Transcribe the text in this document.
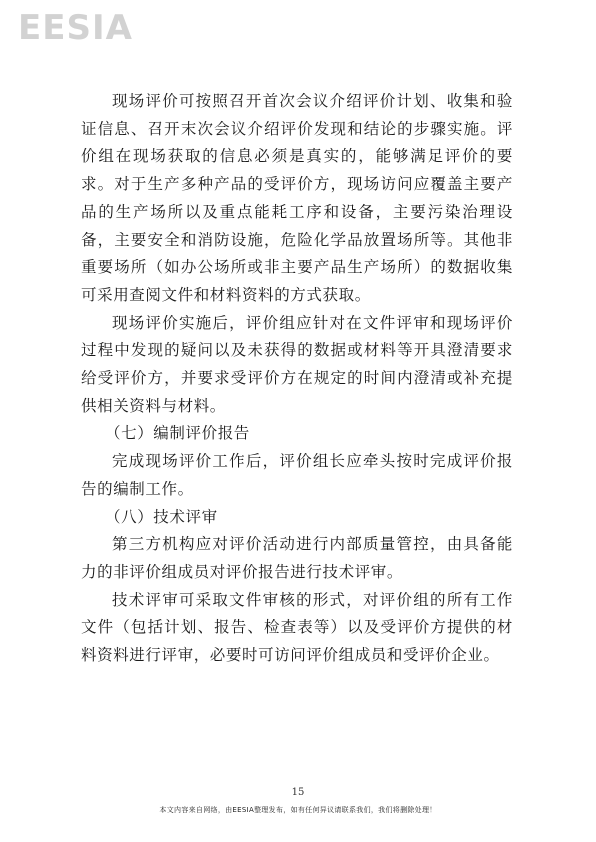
EESIA

现场评价可按照召开首次会议介绍评价计划、收集和验证信息、召开末次会议介绍评价发现和结论的步骤实施。评价组在现场获取的信息必须是真实的，能够满足评价的要求。对于生产多种产品的受评价方，现场访问应覆盖主要产品的生产场所以及重点能耗工序和设备，主要污染治理设备，主要安全和消防设施，危险化学品放置场所等。其他非重要场所（如办公场所或非主要产品生产场所）的数据收集可采用查阅文件和材料资料的方式获取。

现场评价实施后，评价组应针对在文件评审和现场评价过程中发现的疑问以及未获得的数据或材料等开具澄清要求给受评价方，并要求受评价方在规定的时间内澄清或补充提供相关资料与材料。

（七）编制评价报告

完成现场评价工作后，评价组长应牵头按时完成评价报告的编制工作。

（八）技术评审

第三方机构应对评价活动进行内部质量管控，由具备能力的非评价组成员对评价报告进行技术评审。

技术评审可采取文件审核的形式，对评价组的所有工作文件（包括计划、报告、检查表等）以及受评价方提供的材料资料进行评审，必要时可访问评价组成员和受评价企业。

15
本文内容来自网络，由EESIA整理发布，如有任何异议请联系我们，我们将删除处理！
